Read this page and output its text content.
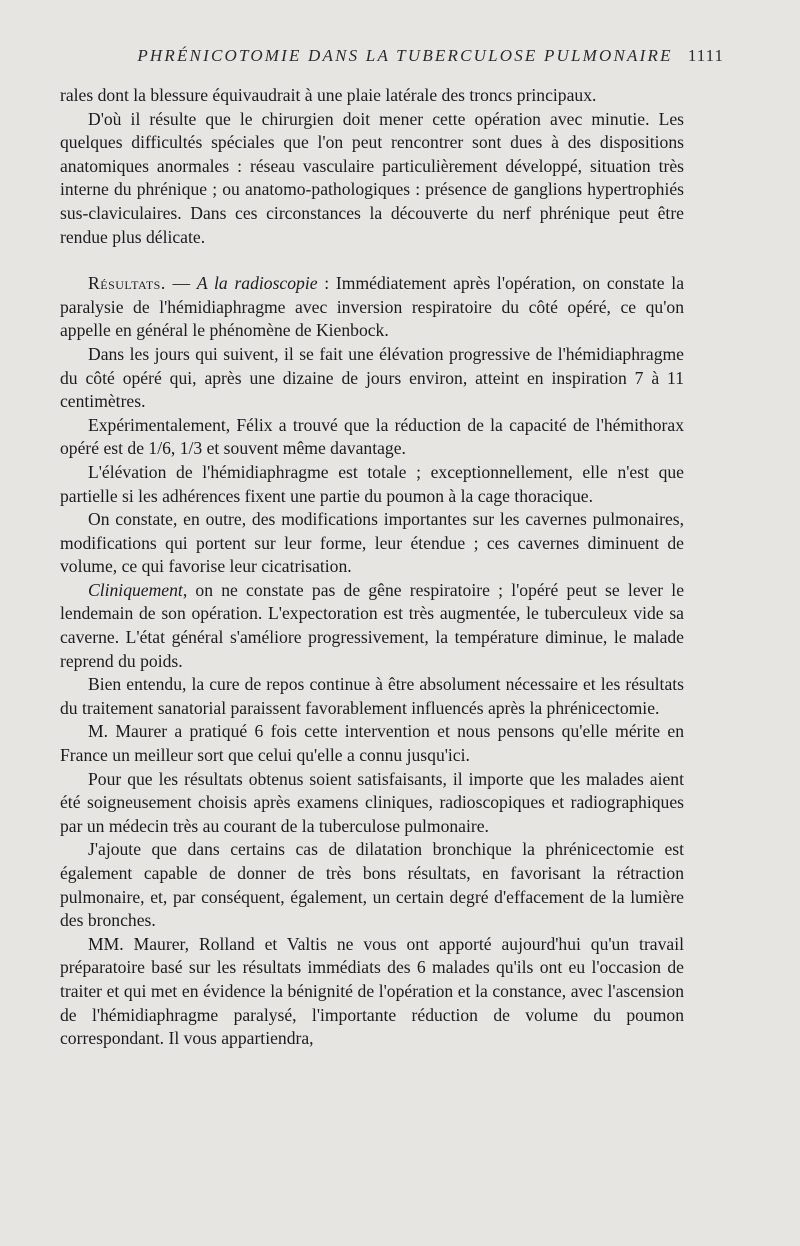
PHRÉNICOTOMIE DANS LA TUBERCULOSE PULMONAIRE 1111

rales dont la blessure équivaudrait à une plaie latérale des troncs principaux.

D'où il résulte que le chirurgien doit mener cette opération avec minutie. Les quelques difficultés spéciales que l'on peut rencontrer sont dues à des dispositions anatomiques anormales : réseau vasculaire particulièrement développé, situation très interne du phrénique ; ou anatomo-pathologiques : présence de ganglions hypertrophiés sus-claviculaires. Dans ces circonstances la découverte du nerf phrénique peut être rendue plus délicate.

Résultats. — A la radioscopie : Immédiatement après l'opération, on constate la paralysie de l'hémidiaphragme avec inversion respiratoire du côté opéré, ce qu'on appelle en général le phénomène de Kienbock.

Dans les jours qui suivent, il se fait une élévation progressive de l'hémidiaphragme du côté opéré qui, après une dizaine de jours environ, atteint en inspiration 7 à 11 centimètres.

Expérimentalement, Félix a trouvé que la réduction de la capacité de l'hémithorax opéré est de 1/6, 1/3 et souvent même davantage.

L'élévation de l'hémidiaphragme est totale ; exceptionnellement, elle n'est que partielle si les adhérences fixent une partie du poumon à la cage thoracique.

On constate, en outre, des modifications importantes sur les cavernes pulmonaires, modifications qui portent sur leur forme, leur étendue ; ces cavernes diminuent de volume, ce qui favorise leur cicatrisation.

Cliniquement, on ne constate pas de gêne respiratoire ; l'opéré peut se lever le lendemain de son opération. L'expectoration est très augmentée, le tuberculeux vide sa caverne. L'état général s'améliore progressivement, la température diminue, le malade reprend du poids.

Bien entendu, la cure de repos continue à être absolument nécessaire et les résultats du traitement sanatorial paraissent favorablement influencés après la phrénicectomie.

M. Maurer a pratiqué 6 fois cette intervention et nous pensons qu'elle mérite en France un meilleur sort que celui qu'elle a connu jusqu'ici.

Pour que les résultats obtenus soient satisfaisants, il importe que les malades aient été soigneusement choisis après examens cliniques, radioscopiques et radiographiques par un médecin très au courant de la tuberculose pulmonaire.

J'ajoute que dans certains cas de dilatation bronchique la phrénicectomie est également capable de donner de très bons résultats, en favorisant la rétraction pulmonaire, et, par conséquent, également, un certain degré d'effacement de la lumière des bronches.

MM. Maurer, Rolland et Valtis ne vous ont apporté aujourd'hui qu'un travail préparatoire basé sur les résultats immédiats des 6 malades qu'ils ont eu l'occasion de traiter et qui met en évidence la bénignité de l'opération et la constance, avec l'ascension de l'hémidiaphragme paralysé, l'importante réduction de volume du poumon correspondant. Il vous appartiendra,
